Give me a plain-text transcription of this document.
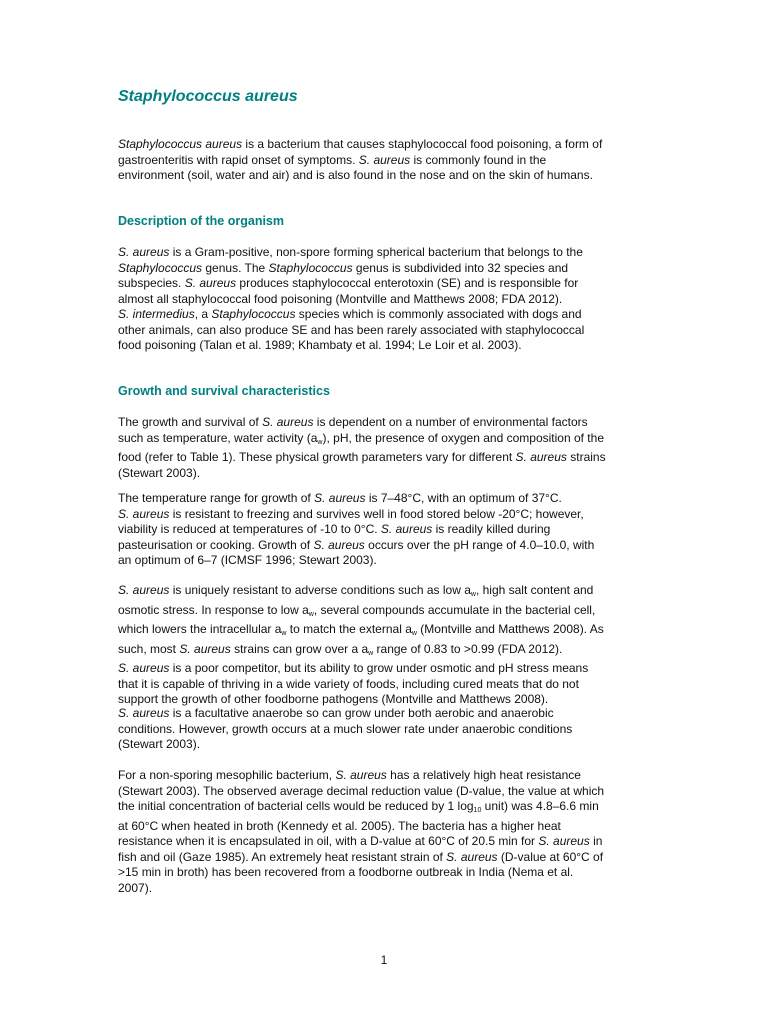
Staphylococcus aureus

Staphylococcus aureus is a bacterium that causes staphylococcal food poisoning, a form of
gastroenteritis with rapid onset of symptoms. S. aureus is commonly found in the
environment (soil, water and air) and is also found in the nose and on the skin of humans.

Description of the organism

S. aureus is a Gram-positive, non-spore forming spherical bacterium that belongs to the
Staphylococcus genus. The Staphylococcus genus is subdivided into 32 species and
subspecies. S. aureus produces staphylococcal enterotoxin (SE) and is responsible for
almost all staphylococcal food poisoning (Montville and Matthews 2008; FDA 2012).
S. intermedius, a Staphylococcus species which is commonly associated with dogs and
other animals, can also produce SE and has been rarely associated with staphylococcal
food poisoning (Talan et al. 1989; Khambaty et al. 1994; Le Loir et al. 2003).

Growth and survival characteristics

The growth and survival of S. aureus is dependent on a number of environmental factors
such as temperature, water activity $(a_w)$, pH, the presence of oxygen and composition of the
food (refer to Table 1). These physical growth parameters vary for different S. aureus strains
(Stewart 2003).

The temperature range for growth of S. aureus is 7–48°C, with an optimum of 37°C.
S. aureus is resistant to freezing and survives well in food stored below -20°C; however,
viability is reduced at temperatures of -10 to 0°C. S. aureus is readily killed during
pasteurisation or cooking. Growth of S. aureus occurs over the pH range of 4.0–10.0, with
an optimum of 6–7 (ICMSF 1996; Stewart 2003).

S. aureus is uniquely resistant to adverse conditions such as low $a_w$, high salt content and
osmotic stress. In response to low $a_w$, several compounds accumulate in the bacterial cell,
which lowers the intracellular $a_w$ to match the external $a_w$ (Montville and Matthews 2008). As
such, most S. aureus strains can grow over a $a_w$ range of 0.83 to >0.99 (FDA 2012).
S. aureus is a poor competitor, but its ability to grow under osmotic and pH stress means
that it is capable of thriving in a wide variety of foods, including cured meats that do not
support the growth of other foodborne pathogens (Montville and Matthews 2008).

S. aureus is a facultative anaerobe so can grow under both aerobic and anaerobic
conditions. However, growth occurs at a much slower rate under anaerobic conditions
(Stewart 2003).

For a non-sporing mesophilic bacterium, S. aureus has a relatively high heat resistance
(Stewart 2003). The observed average decimal reduction value (D-value, the value at which
the initial concentration of bacterial cells would be reduced by 1 $\log_{10}$ unit) was 4.8–6.6 min
at 60°C when heated in broth (Kennedy et al. 2005). The bacteria has a higher heat
resistance when it is encapsulated in oil, with a D-value at 60°C of 20.5 min for S. aureus in
fish and oil (Gaze 1985). An extremely heat resistant strain of S. aureus (D-value at 60°C of
>15 min in broth) has been recovered from a foodborne outbreak in India (Nema et al.
2007).

1
